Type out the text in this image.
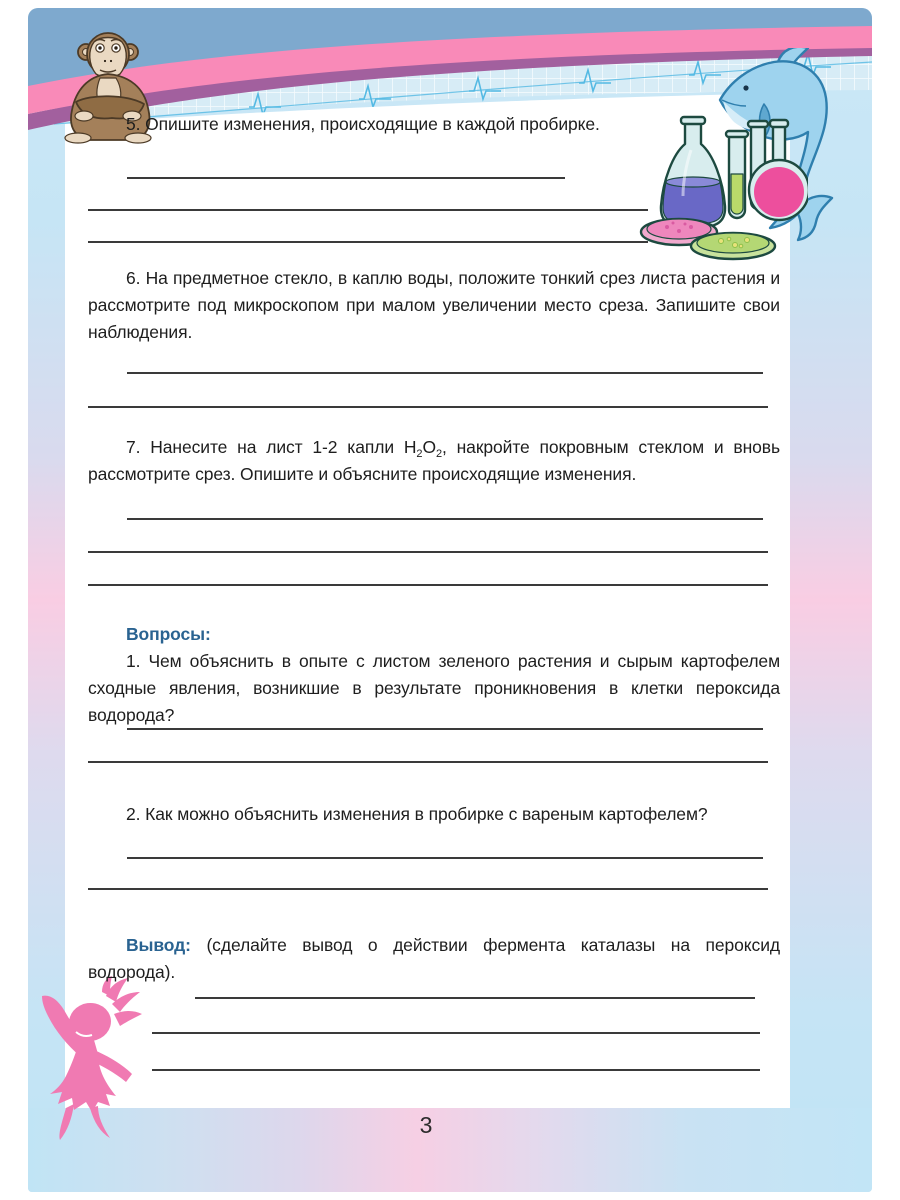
5. Опишите изменения, происходящие в каждой пробирке.

6. На предметное стекло, в каплю воды, положите тонкий срез листа растения и рассмотрите под микроскопом при малом увеличении место среза. Запишите свои наблюдения.

7. Нанесите на лист 1-2 капли $H_2O_2$, накройте покровным стеклом и вновь рассмотрите срез. Опишите и объясните происходящие изменения.

Вопросы:

1. Чем объяснить в опыте с листом зеленого растения и сырым картофелем сходные явления, возникшие в результате проникновения в клетки пероксида водорода?

2. Как можно объяснить изменения в пробирке с вареным картофелем?

Вывод: (сделайте вывод о действии фермента каталазы на пероксид водорода).

3
